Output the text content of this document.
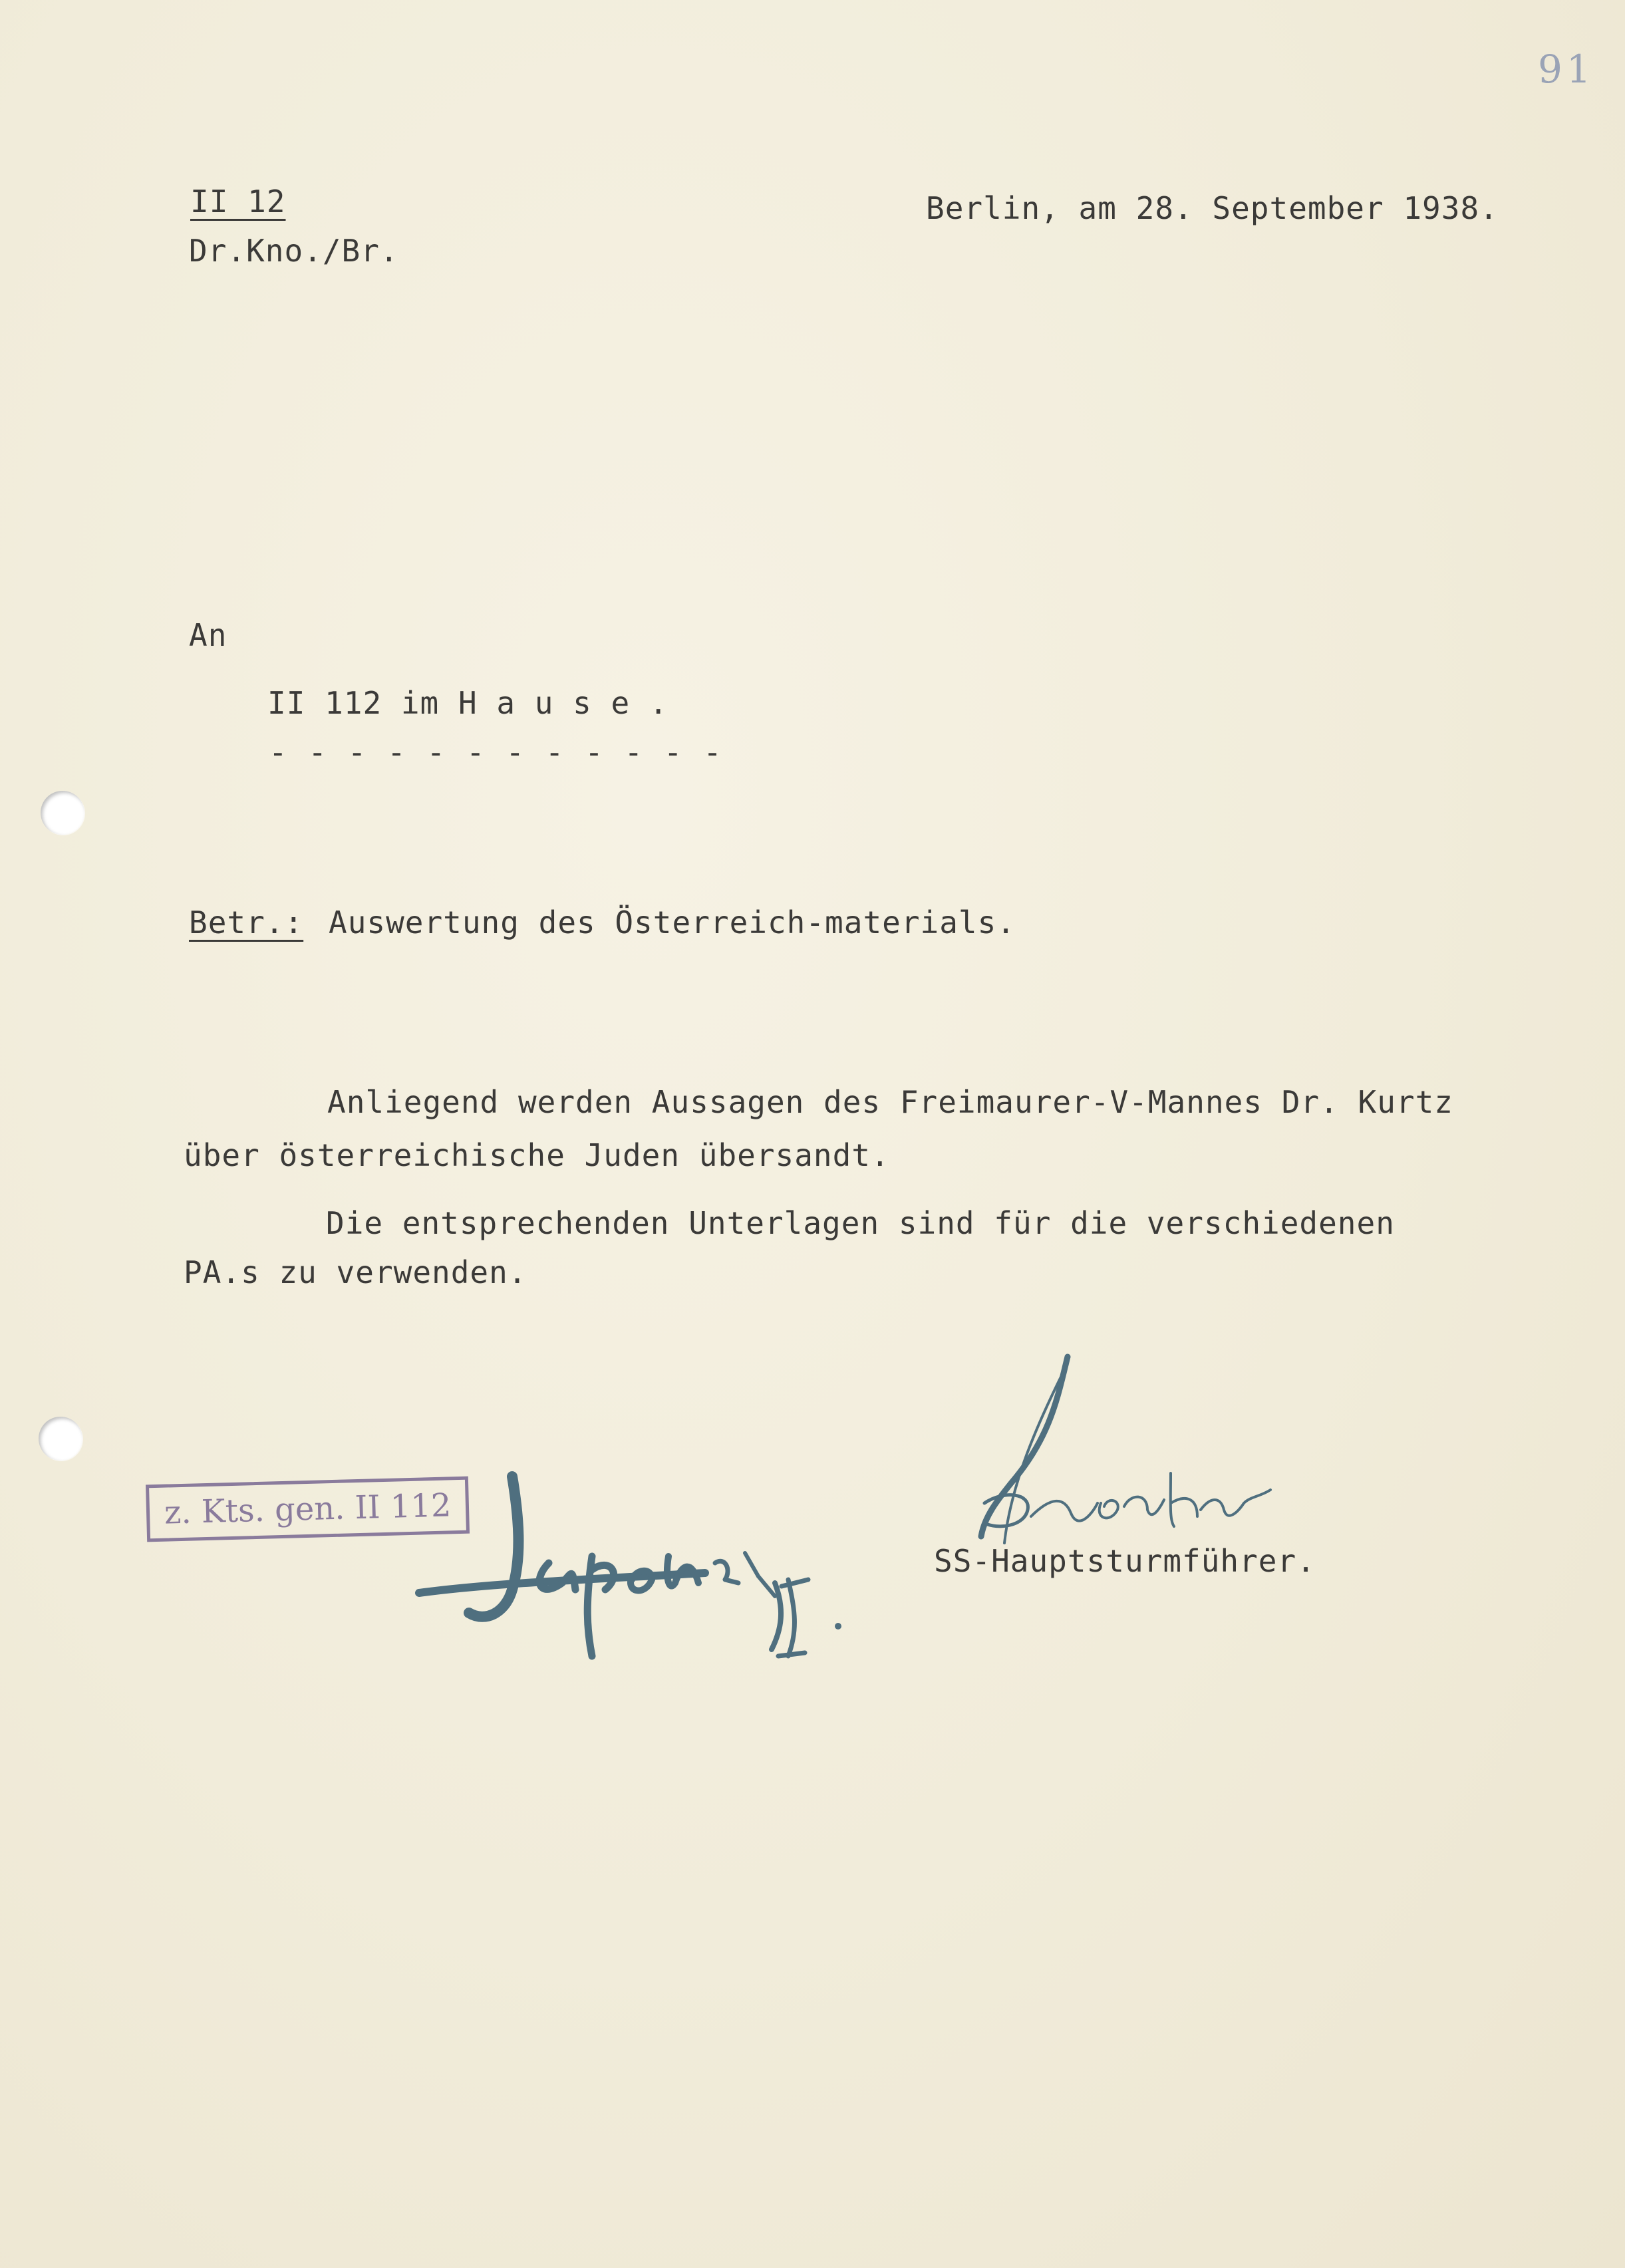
91
II 12
Dr.Kno./Br.
Berlin, am 28. September 1938.
An
II 112 im H a u s e .
- - - - - - - - - - - -
Betr.: Auswertung des Österreich-materials.
Anliegend werden Aussagen des Freimaurer-V-Mannes Dr. Kurtz
über österreichische Juden übersandt.
Die entsprechenden Unterlagen sind für die verschiedenen
PA.s zu verwenden.
z. Kts. gen. II 112
Jagen 29/IX.
Knochen
SS-Hauptsturmführer.
